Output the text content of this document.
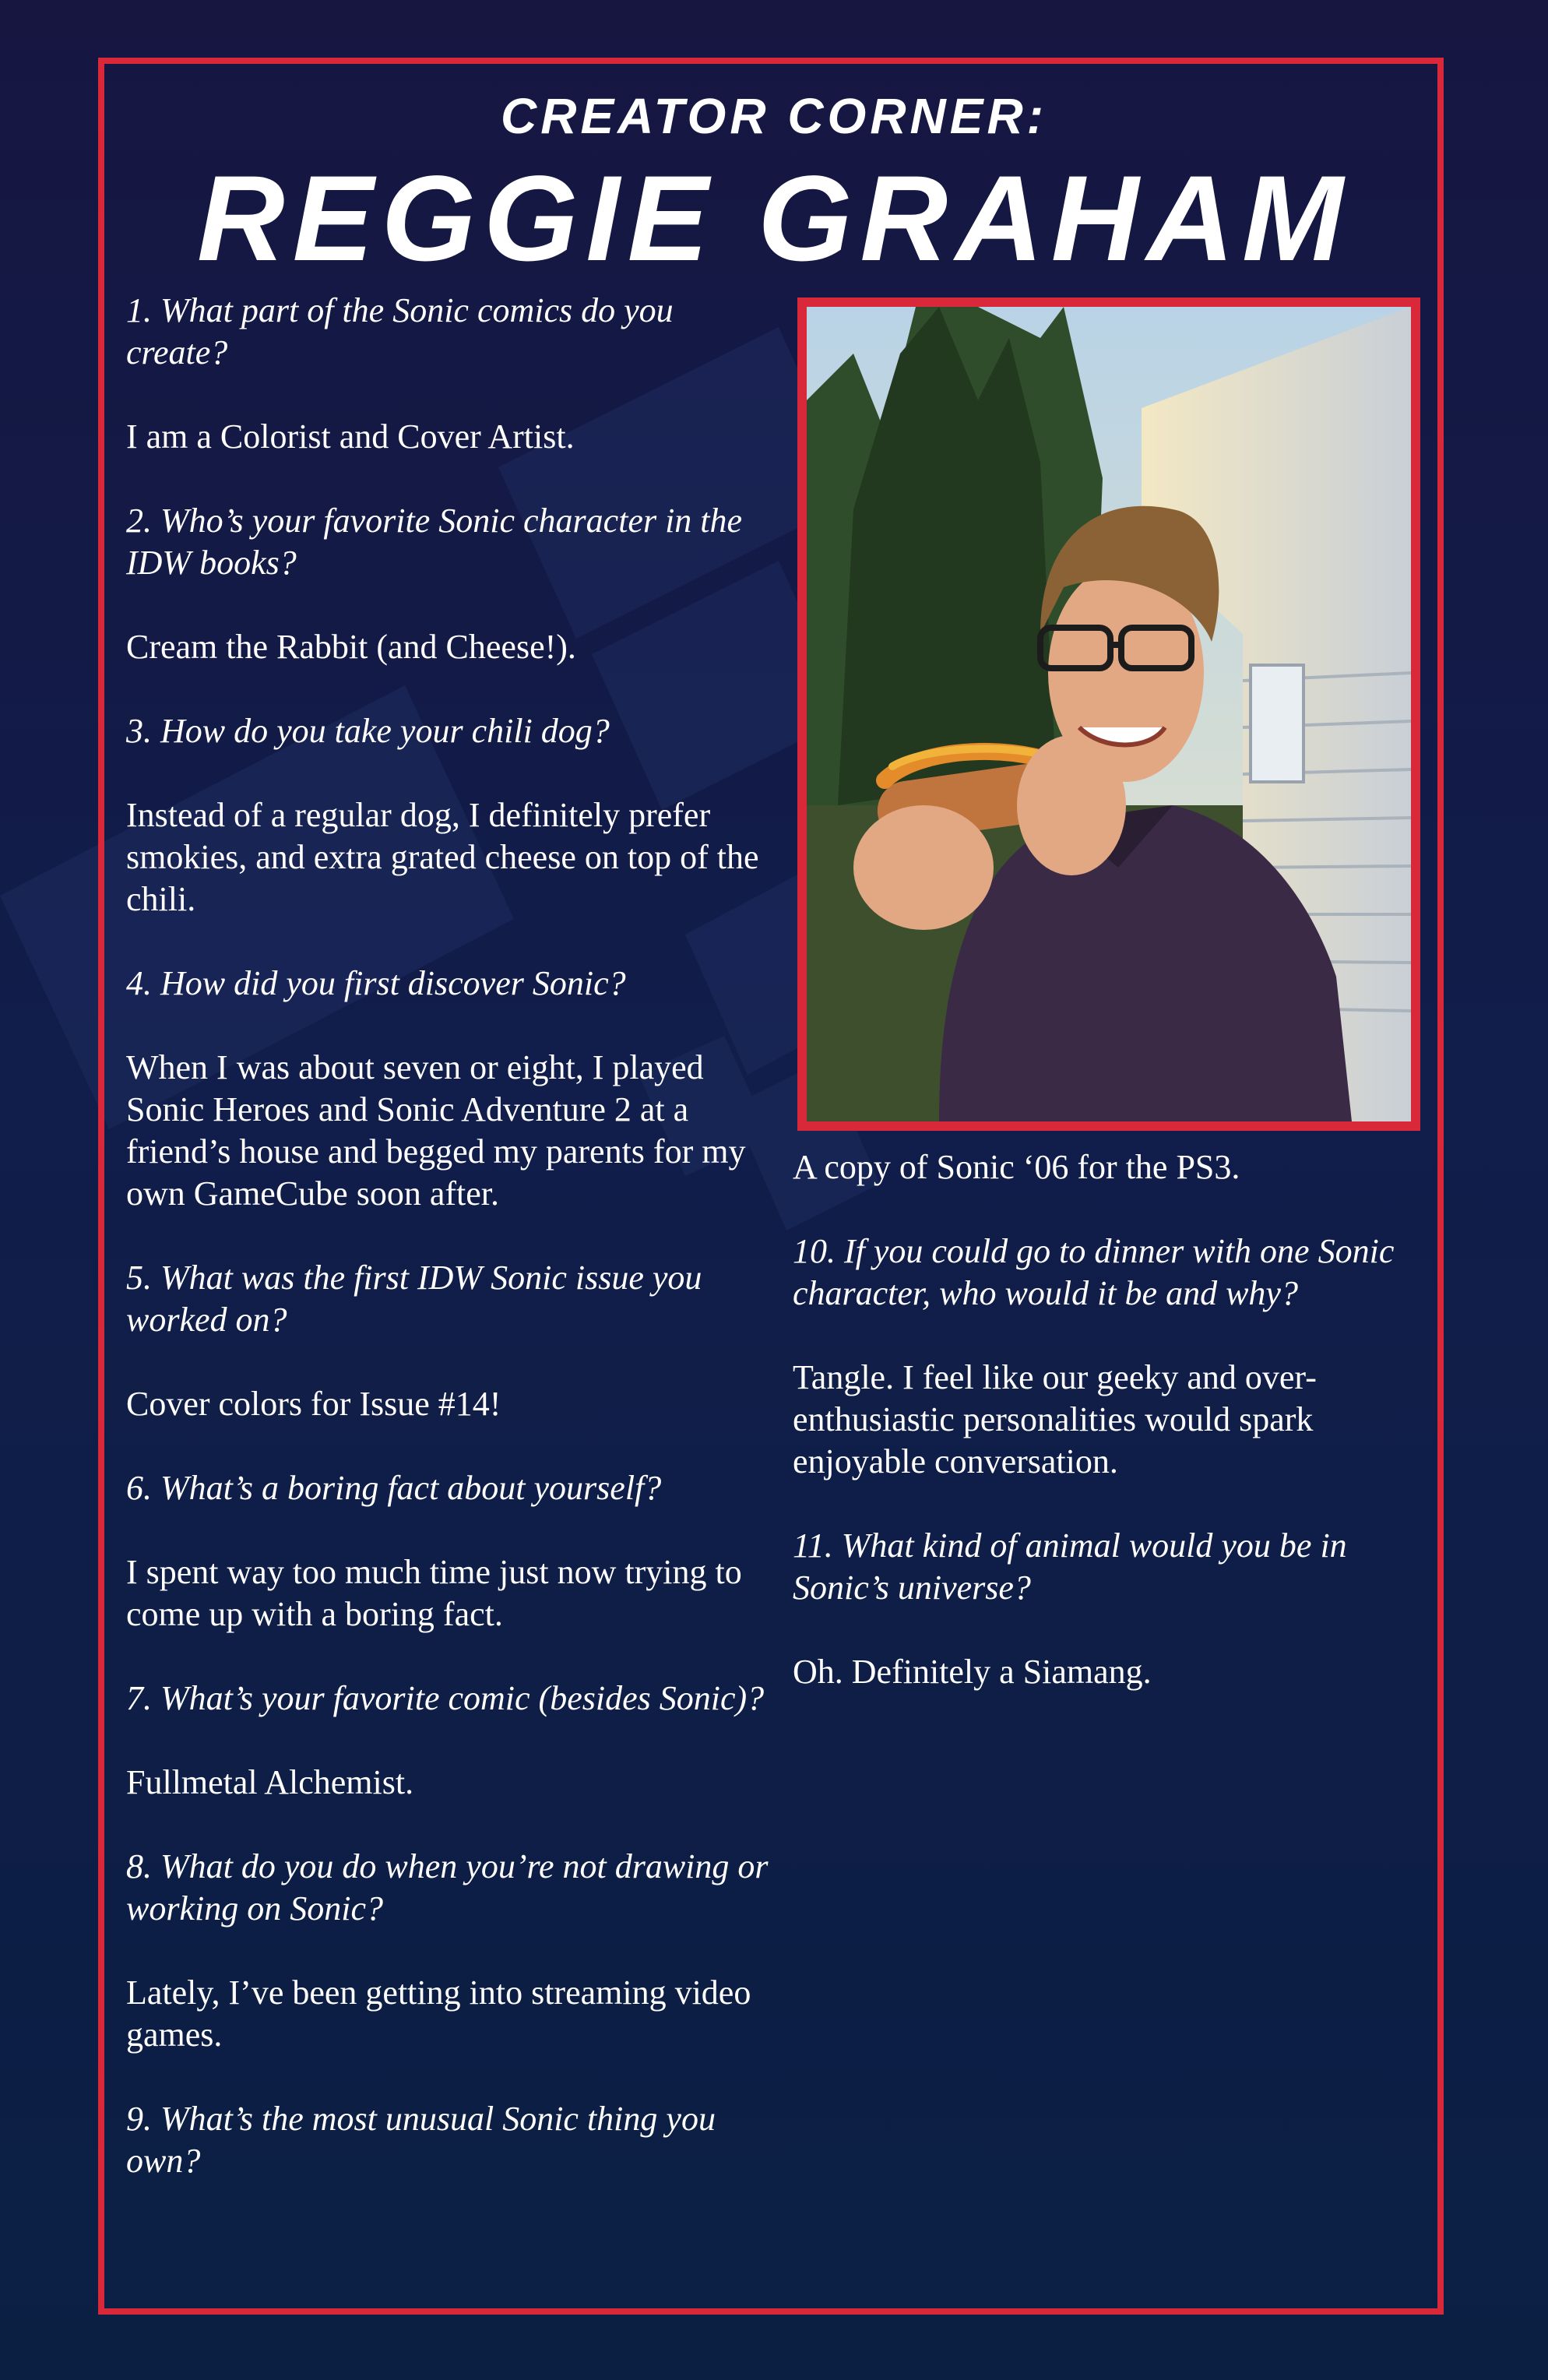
CREATOR CORNER:
REGGIE GRAHAM

1. What part of the Sonic comics do you create?

I am a Colorist and Cover Artist.

2. Who’s your favorite Sonic character in the IDW books?

Cream the Rabbit (and Cheese!).

3. How do you take your chili dog?

Instead of a regular dog, I definitely prefer smokies, and extra grated cheese on top of the chili.

4. How did you first discover Sonic?

When I was about seven or eight, I played Sonic Heroes and Sonic Adventure 2 at a friend’s house and begged my parents for my own GameCube soon after.

5. What was the first IDW Sonic issue you worked on?

Cover colors for Issue #14!

6. What’s a boring fact about yourself?

I spent way too much time just now trying to come up with a boring fact.

7. What’s your favorite comic (besides Sonic)?

Fullmetal Alchemist.

8. What do you do when you’re not drawing or working on Sonic?

Lately, I’ve been getting into streaming video games.

9. What’s the most unusual Sonic thing you own?

A copy of Sonic ‘06 for the PS3.

10. If you could go to dinner with one Sonic character, who would it be and why?

Tangle. I feel like our geeky and over-enthusiastic personalities would spark enjoyable conversation.

11. What kind of animal would you be in Sonic’s universe?

Oh. Definitely a Siamang.
